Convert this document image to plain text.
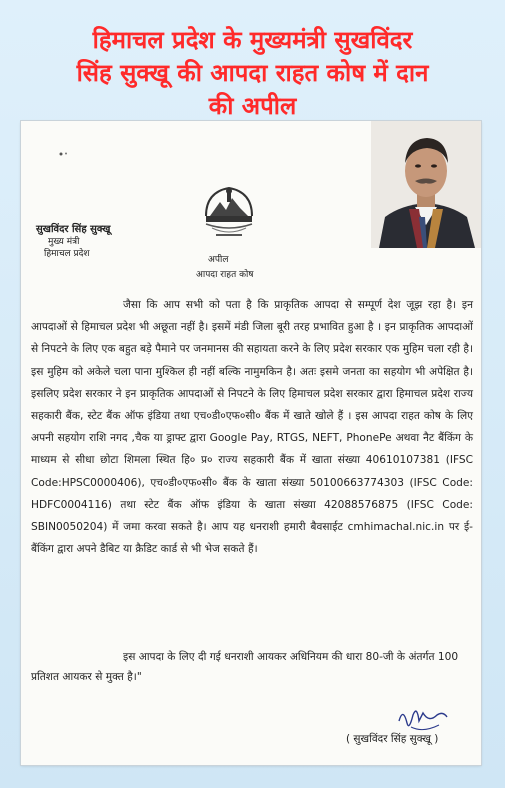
हिमाचल प्रदेश के मुख्यमंत्री सुखविंदर
सिंह सुक्खू की आपदा राहत कोष में दान
की अपील
सुखविंदर सिंह सुक्खू
मुख्य मंत्री
हिमाचल प्रदेश
अपील
आपदा राहत कोष

जैसा कि आप सभी को पता है कि प्राकृतिक आपदा से सम्पूर्ण देश जूझ रहा है। इन आपदाओं से हिमाचल प्रदेश भी अछूता नहीं है। इसमें मंडी जिला बूरी तरह प्रभावित हुआ है । इन प्राकृतिक आपदाओं से निपटने के लिए एक बहुत बड़े पैमाने पर जनमानस की सहायता करने के लिए प्रदेश सरकार एक मुहिम चला रही है। इस मुहिम को अकेले चला पाना मुश्किल ही नहीं बल्कि नामुमकिन है। अतः इसमे जनता का सहयोग भी अपेक्षित है। इसलिए प्रदेश सरकार ने इन प्राकृतिक आपदाओं से निपटने के लिए हिमाचल प्रदेश सरकार द्वारा हिमाचल प्रदेश राज्य सहकारी बैंक, स्टेट बैंक ऑफ इंडिया तथा एच०डी०एफ०सी० बैंक में खाते खोले हैं । इस आपदा राहत कोष के लिए अपनी सहयोग राशि नगद ,चैक या ड्राफ्ट द्वारा Google Pay, RTGS, NEFT, PhonePe अथवा नैट बैंकिंग के माध्यम से सीधा छोटा शिमला स्थित हि० प्र० राज्य सहकारी बैंक में खाता संख्या 40610107381 (IFSC Code:HPSC0000406), एच०डी०एफ०सी० बैंक के खाता संख्या 50100663774303 (IFSC Code: HDFC0004116) तथा स्टेट बैंक ऑफ इंडिया के खाता संख्या 42088576875 (IFSC Code: SBIN0050204) में जमा करवा सकते है। आप यह धनराशी हमारी बैवसाईट cmhimachal.nic.in पर ई-बैंकिंग द्वारा अपने डैबिट या क्रैडिट कार्ड से भी भेज सकते हैं।

इस आपदा के लिए दी गई धनराशी आयकर अधिनियम की धारा 80-जी के अंतर्गत 100 प्रतिशत आयकर से मुक्त है।"

( सुखविंदर सिंह सुक्खू )
